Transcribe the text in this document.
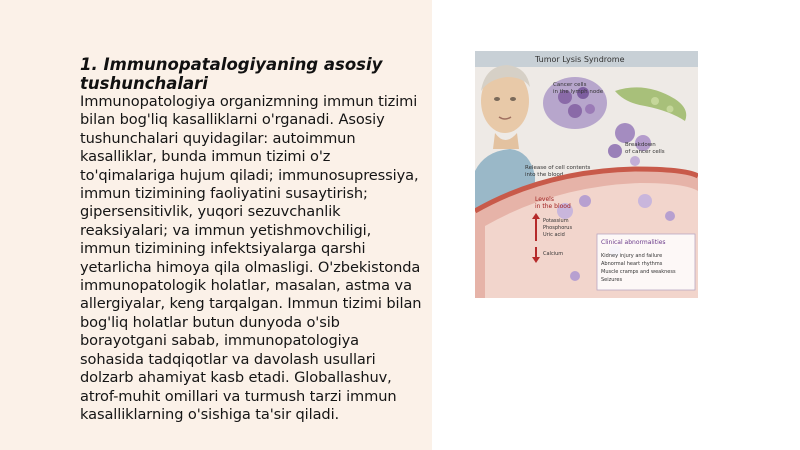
1. Immunopatalogiyaning asosiy tushunchalari

Immunopatologiya organizmning immun tizimi bilan bog'liq kasalliklarni o'rganadi. Asosiy tushunchalari quyidagilar: autoimmun kasalliklar, bunda immun tizimi o'z to'qimalariga hujum qiladi; immunosupressiya, immun tizimining faoliyatini susaytirish; gipersensitivlik, yuqori sezuvchanlik reaksiyalari; va immun yetishmovchiligi, immun tizimining infektsiyalarga qarshi yetarlicha himoya qila olmasligi. O'zbekistonda immunopatologik holatlar, masalan, astma va allergiyalar, keng tarqalgan. Immun tizimi bilan bog'liq holatlar butun dunyoda o'sib borayotgani sabab, immunopatologiya sohasida tadqiqotlar va davolash usullari dolzarb ahamiyat kasb etadi. Globallashuv, atrof-muhit omillari va turmush tarzi immun kasalliklarning o'sishiga ta'sir qiladi.

Tumor Lysis Syndrome
Cancer cells
in the lymph node
Breakdown
of cancer cells
Release of cell contents
into the blood
Levels
in the blood
Potassium
Phosphorus
Uric acid
Calcium
Clinical abnormalities
Kidney injury and failure
Abnormal heart rhythms
Muscle cramps and weakness
Seizures
